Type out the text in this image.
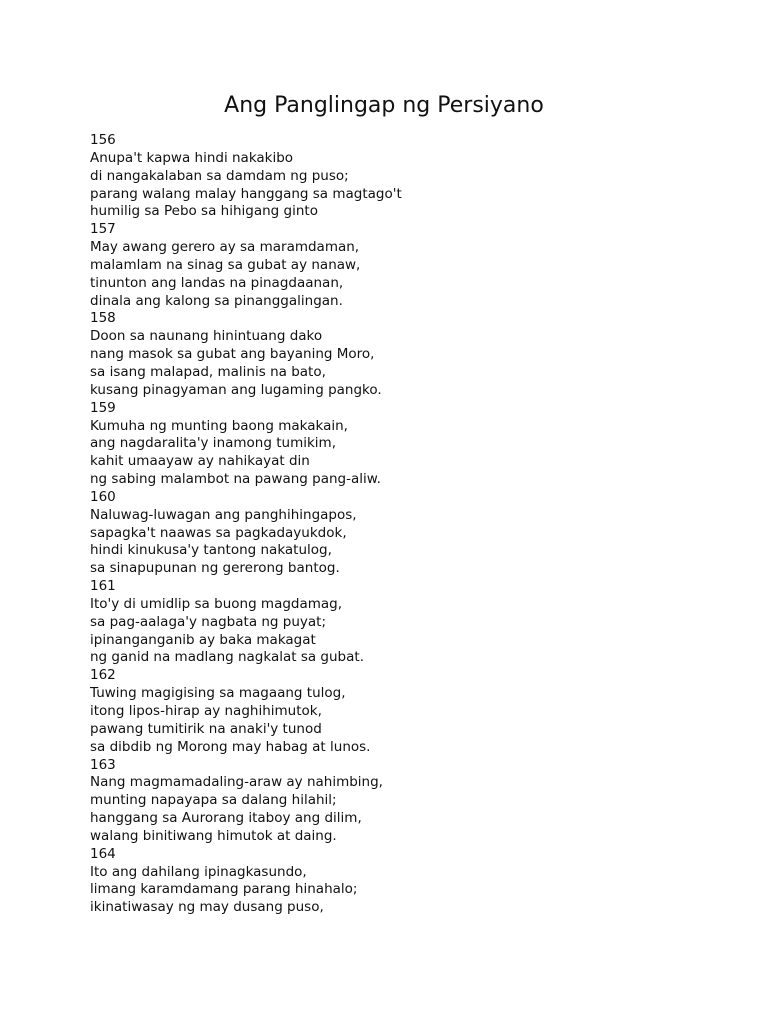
Ang Panglingap ng Persiyano
156
Anupa't kapwa hindi nakakibo
di nangakalaban sa damdam ng puso;
parang walang malay hanggang sa magtago't
humilig sa Pebo sa hihigang ginto
157
May awang gerero ay sa maramdaman,
malamlam na sinag sa gubat ay nanaw,
tinunton ang landas na pinagdaanan,
dinala ang kalong sa pinanggalingan.
158
Doon sa naunang hinintuang dako
nang masok sa gubat ang bayaning Moro,
sa isang malapad, malinis na bato,
kusang pinagyaman ang lugaming pangko.
159
Kumuha ng munting baong makakain,
ang nagdaralita'y inamong tumikim,
kahit umaayaw ay nahikayat din
ng sabing malambot na pawang pang-aliw.
160
Naluwag-luwagan ang panghihingapos,
sapagka't naawas sa pagkadayukdok,
hindi kinukusa'y tantong nakatulog,
sa sinapupunan ng gererong bantog.
161
Ito'y di umidlip sa buong magdamag,
sa pag-aalaga'y nagbata ng puyat;
ipinanganganib ay baka makagat
ng ganid na madlang nagkalat sa gubat.
162
Tuwing magigising sa magaang tulog,
itong lipos-hirap ay naghihimutok,
pawang tumitirik na anaki'y tunod
sa dibdib ng Morong may habag at lunos.
163
Nang magmamadaling-araw ay nahimbing,
munting napayapa sa dalang hilahil;
hanggang sa Aurorang itaboy ang dilim,
walang binitiwang himutok at daing.
164
Ito ang dahilang ipinagkasundo,
limang karamdamang parang hinahalo;
ikinatiwasay ng may dusang puso,
